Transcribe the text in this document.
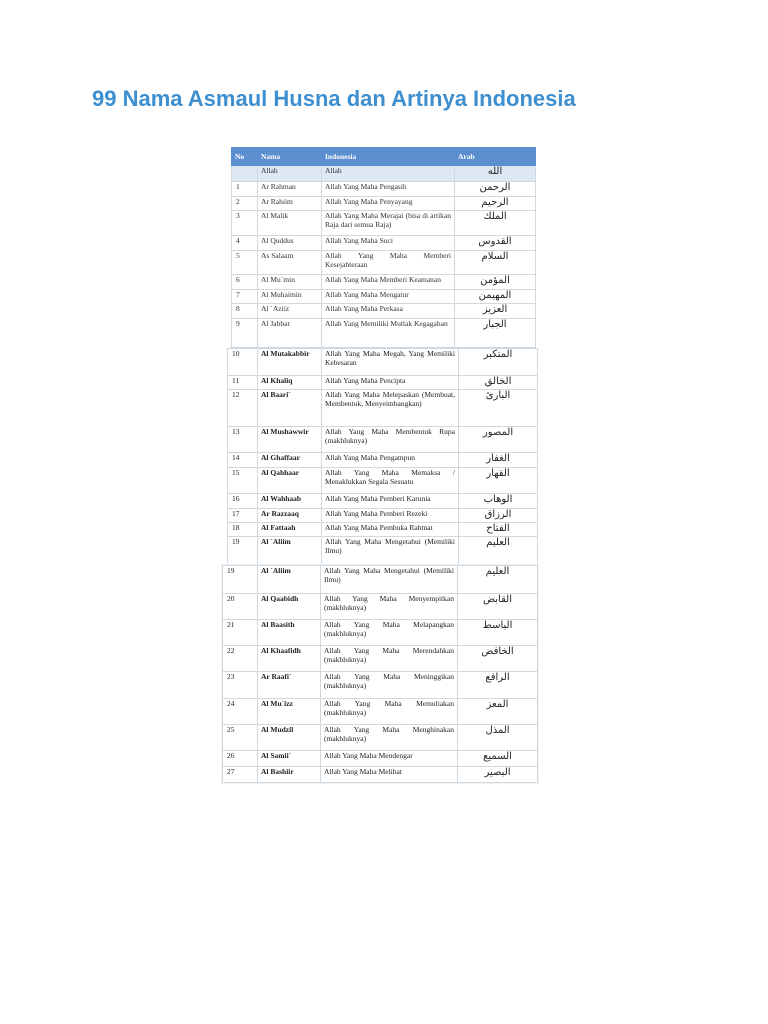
99 Nama Asmaul Husna dan Artinya Indonesia
No	Nama	Indonesia	Arab
	Allah	Allah	الله
1	Ar Rahman	Allah Yang Maha Pengasih	الرحمن
2	Ar Rahiim	Allah Yang Maha Penyayang	الرحيم
3	Al Malik	Allah Yang Maha Merajai (bisa di artikan Raja dari semua Raja)	الملك
4	Al Quddus	Allah Yang Maha Suci	القدوس
5	As Salaam	Allah Yang Maha Memberi Kesejahteraan	السلام
6	Al Mu`min	Allah Yang Maha Memberi Keamanan	المؤمن
7	Al Muhaimin	Allah Yang Maha Mengatur	المهيمن
8	Al `Aziiz	Allah Yang Maha Perkasa	العزيز
9	Al Jabbar	Allah Yang Memiliki Mutlak Kegagahan	الجبار
10	Al Mutakabbir	Allah Yang Maha Megah, Yang Memiliki Kebesaran	المتكبر
11	Al Khaliq	Allah Yang Maha Pencipta	الخالق
12	Al Baari`	Allah Yang Maha Melepaskan (Membuat, Membentuk, Menyeimbangkan)	البارئ
13	Al Mushawwir	Allah Yang Maha Membentuk Rupa (makhluknya)	المصور
14	Al Ghaffaar	Allah Yang Maha Pengampun	الغفار
15	Al Qahhaar	Allah Yang Maha Memaksa / Menaklukkan Segala Sesuatu	القهار
16	Al Wahhaab	Allah Yang Maha Pemberi Karunia	الوهاب
17	Ar Razzaaq	Allah Yang Maha Pemberi Rezeki	الرزاق
18	Al Fattaah	Allah Yang Maha Pembuka Rahmat	الفتاح
19	Al `Aliim	Allah Yang Maha Mengetahui (Memiliki Ilmu)	العليم
19	Al `Aliim	Allah Yang Maha Mengetahui (Memiliki Ilmu)	العليم
20	Al Qaabidh	Allah Yang Maha Menyempitkan (makhluknya)	القابض
21	Al Baasith	Allah Yang Maha Melapangkan (makhluknya)	الباسط
22	Al Khaafidh	Allah Yang Maha Merendahkan (makhluknya)	الخافض
23	Ar Raafi`	Allah Yang Maha Meninggikan (makhluknya)	الرافع
24	Al Mu`izz	Allah Yang Maha Memuliakan (makhluknya)	المعز
25	Al Mudzil	Allah Yang Maha Menghinakan (makhluknya)	المذل
26	Al Samii`	Allah Yang Maha Mendengar	السميع
27	Al Bashiir	Allah Yang Maha Melihat	البصير
